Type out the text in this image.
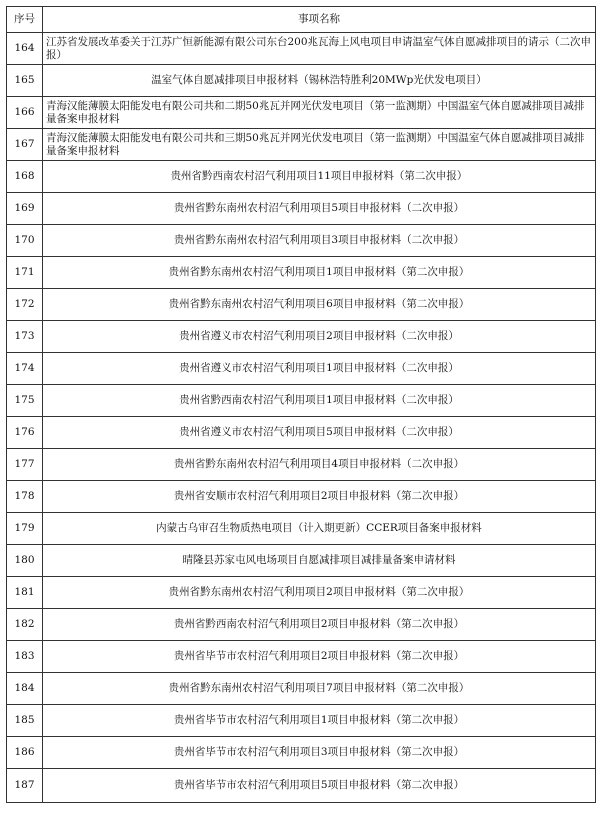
序号	事项名称
164	江苏省发展改革委关于江苏广恒新能源有限公司东台200兆瓦海上风电项目申请温室气体自愿减排项目的请示（二次申报）
165	温室气体自愿减排项目申报材料（锡林浩特胜利20MWp光伏发电项目）
166	青海汉能薄膜太阳能发电有限公司共和二期50兆瓦并网光伏发电项目（第一监测期）中国温室气体自愿减排项目减排量备案申报材料
167	青海汉能薄膜太阳能发电有限公司共和三期50兆瓦并网光伏发电项目（第一监测期）中国温室气体自愿减排项目减排量备案申报材料
168	贵州省黔西南农村沼气利用项目11项目申报材料（第二次申报）
169	贵州省黔东南州农村沼气利用项目5项目申报材料（二次申报）
170	贵州省黔东南州农村沼气利用项目3项目申报材料（二次申报）
171	贵州省黔东南州农村沼气利用项目1项目申报材料（第二次申报）
172	贵州省黔东南州农村沼气利用项目6项目申报材料（第二次申报）
173	贵州省遵义市农村沼气利用项目2项目申报材料（二次申报）
174	贵州省遵义市农村沼气利用项目1项目申报材料（二次申报）
175	贵州省黔西南农村沼气利用项目1项目申报材料（二次申报）
176	贵州省遵义市农村沼气利用项目5项目申报材料（二次申报）
177	贵州省黔东南州农村沼气利用项目4项目申报材料（二次申报）
178	贵州省安顺市农村沼气利用项目2项目申报材料（第二次申报）
179	内蒙古乌审召生物质热电项目（计入期更新）CCER项目备案申报材料
180	晴隆县苏家屯风电场项目自愿减排项目减排量备案申请材料
181	贵州省黔东南州农村沼气利用项目2项目申报材料（第二次申报）
182	贵州省黔西南农村沼气利用项目2项目申报材料（第二次申报）
183	贵州省毕节市农村沼气利用项目2项目申报材料（第二次申报）
184	贵州省黔东南州农村沼气利用项目7项目申报材料（第二次申报）
185	贵州省毕节市农村沼气利用项目1项目申报材料（第二次申报）
186	贵州省毕节市农村沼气利用项目3项目申报材料（第二次申报）
187	贵州省毕节市农村沼气利用项目5项目申报材料（第二次申报）
